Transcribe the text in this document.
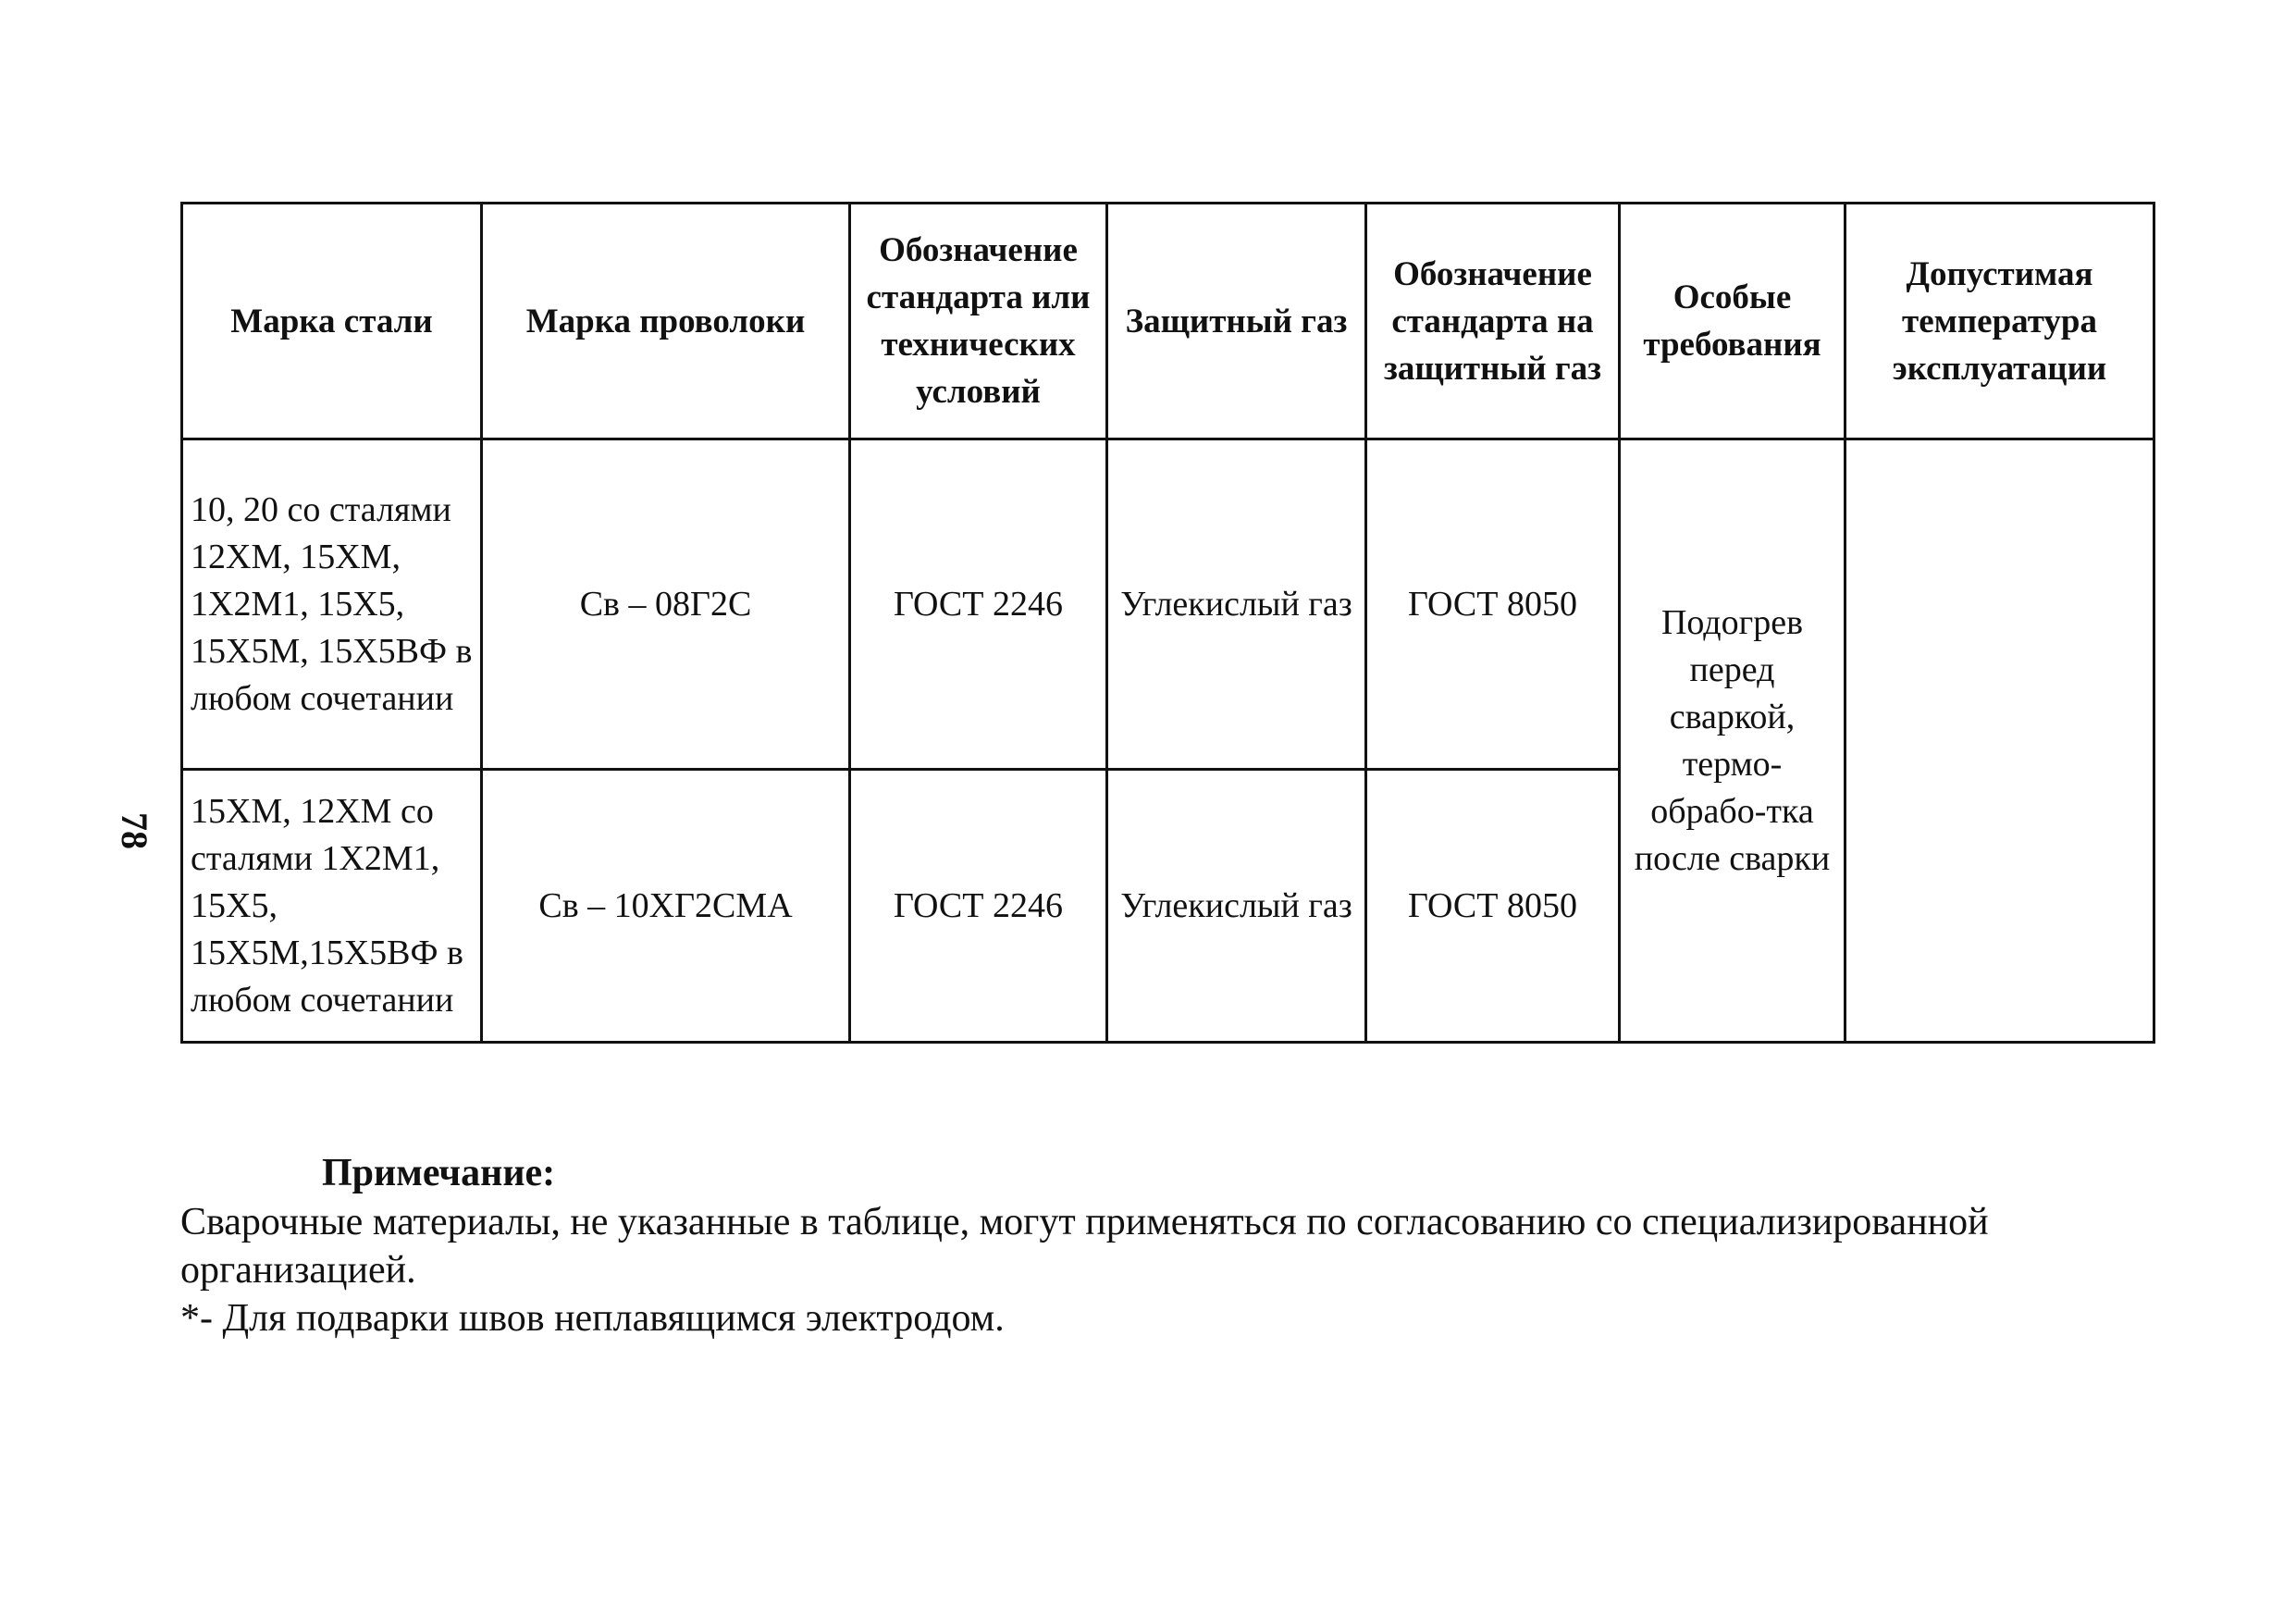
78
Марка стали	Марка проволоки	Обозначение стандарта или технических условий	Защитный газ	Обозначение стандарта на защитный газ	Особые требования	Допустимая температура эксплуатации
10, 20 со сталями 12ХМ, 15ХМ, 1Х2М1, 15Х5, 15Х5М, 15Х5ВФ в любом сочетании	Св – 08Г2С	ГОСТ 2246	Углекислый газ	ГОСТ 8050	Подогрев перед сваркой, термо-обрабо-тка после сварки	
15ХМ, 12ХМ со сталями 1Х2М1, 15Х5, 15Х5М,15Х5ВФ в любом сочетании	Св – 10ХГ2СМА	ГОСТ 2246	Углекислый газ	ГОСТ 8050		

Примечание:

Сварочные материалы, не указанные в таблице, могут применяться по согласованию со специализированной организацией.

*- Для подварки швов неплавящимся электродом.
